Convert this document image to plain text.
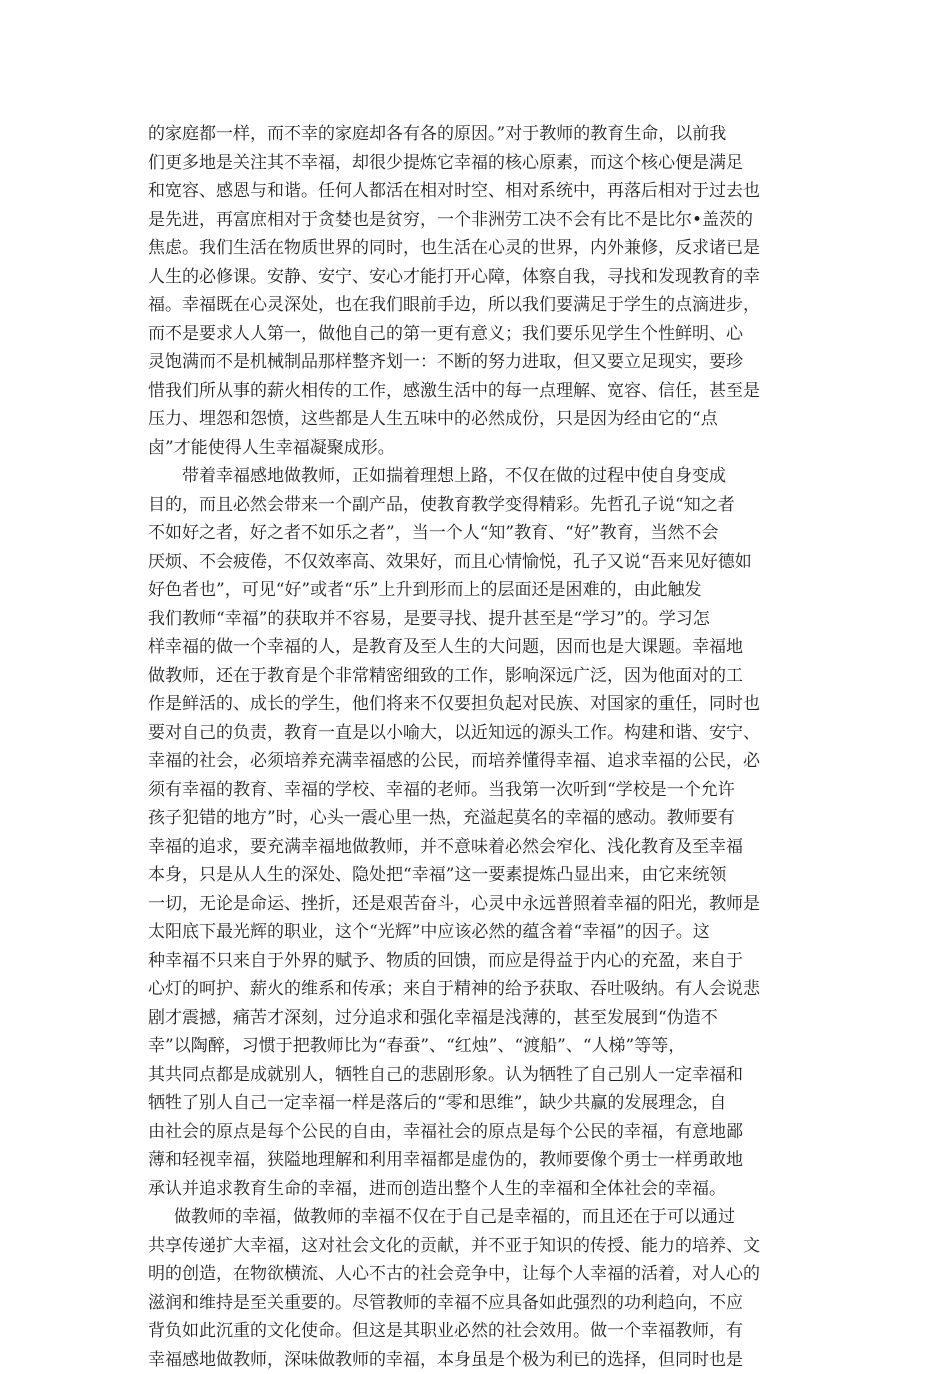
的家庭都一样，而不幸的家庭却各有各的原因。”对于教师的教育生命，以前我
们更多地是关注其不幸福，却很少提炼它幸福的核心原素，而这个核心便是满足
和宽容、感恩与和谐。任何人都活在相对时空、相对系统中，再落后相对于过去也
是先进，再富庶相对于贪婪也是贫穷，一个非洲劳工决不会有比不是比尔•盖茨的
焦虑。我们生活在物质世界的同时，也生活在心灵的世界，内外兼修，反求诸已是
人生的必修课。安静、安宁、安心才能打开心障，体察自我，寻找和发现教育的幸
福。幸福既在心灵深处，也在我们眼前手边，所以我们要满足于学生的点滴进步，
而不是要求人人第一，做他自己的第一更有意义；我们要乐见学生个性鲜明、心
灵饱满而不是机械制品那样整齐划一：不断的努力进取，但又要立足现实，要珍
惜我们所从事的薪火相传的工作，感激生活中的每一点理解、宽容、信任，甚至是
压力、埋怨和怨愤，这些都是人生五味中的必然成份，只是因为经由它的“点
卤”才能使得人生幸福凝聚成形。
带着幸福感地做教师，正如揣着理想上路，不仅在做的过程中使自身变成
目的，而且必然会带来一个副产品，使教育教学变得精彩。先哲孔子说“知之者
不如好之者，好之者不如乐之者”，当一个人“知”教育、“好”教育，当然不会
厌烦、不会疲倦，不仅效率高、效果好，而且心情愉悦，孔子又说“吾来见好德如
好色者也”，可见“好”或者“乐”上升到形而上的层面还是困难的，由此触发
我们教师“幸福”的获取并不容易，是要寻找、提升甚至是“学习”的。学习怎
样幸福的做一个幸福的人，是教育及至人生的大问题，因而也是大课题。幸福地
做教师，还在于教育是个非常精密细致的工作，影响深远广泛，因为他面对的工
作是鲜活的、成长的学生，他们将来不仅要担负起对民族、对国家的重任，同时也
要对自己的负责，教育一直是以小喻大，以近知远的源头工作。构建和谐、安宁、
幸福的社会，必须培养充满幸福感的公民，而培养懂得幸福、追求幸福的公民，必
须有幸福的教育、幸福的学校、幸福的老师。当我第一次听到“学校是一个允许
孩子犯错的地方”时，心头一震心里一热，充溢起莫名的幸福的感动。教师要有
幸福的追求，要充满幸福地做教师，并不意味着必然会窄化、浅化教育及至幸福
本身，只是从人生的深处、隐处把“幸福”这一要素提炼凸显出来，由它来统领
一切，无论是命运、挫折，还是艰苦奋斗，心灵中永远普照着幸福的阳光，教师是
太阳底下最光辉的职业，这个“光辉”中应该必然的蕴含着“幸福”的因子。这
种幸福不只来自于外界的赋予、物质的回馈，而应是得益于内心的充盈，来自于
心灯的呵护、薪火的维系和传承；来自于精神的给予获取、吞吐吸纳。有人会说悲
剧才震撼，痛苦才深刻，过分追求和强化幸福是浅薄的，甚至发展到“伪造不
幸”以陶醉，习惯于把教师比为“春蚕”、“红烛”、“渡船”、“人梯”等等，
其共同点都是成就别人，牺牲自己的悲剧形象。认为牺牲了自己别人一定幸福和
牺牲了别人自己一定幸福一样是落后的“零和思维”，缺少共赢的发展理念，自
由社会的原点是每个公民的自由，幸福社会的原点是每个公民的幸福，有意地鄙
薄和轻视幸福，狭隘地理解和利用幸福都是虚伪的，教师要像个勇士一样勇敢地
承认并追求教育生命的幸福，进而创造出整个人生的幸福和全体社会的幸福。
做教师的幸福，做教师的幸福不仅在于自己是幸福的，而且还在于可以通过
共享传递扩大幸福，这对社会文化的贡献，并不亚于知识的传授、能力的培养、文
明的创造，在物欲横流、人心不古的社会竞争中，让每个人幸福的活着，对人心的
滋润和维持是至关重要的。尽管教师的幸福不应具备如此强烈的功利趋向，不应
背负如此沉重的文化使命。但这是其职业必然的社会效用。做一个幸福教师，有
幸福感地做教师，深味做教师的幸福，本身虽是个极为利已的选择，但同时也是
